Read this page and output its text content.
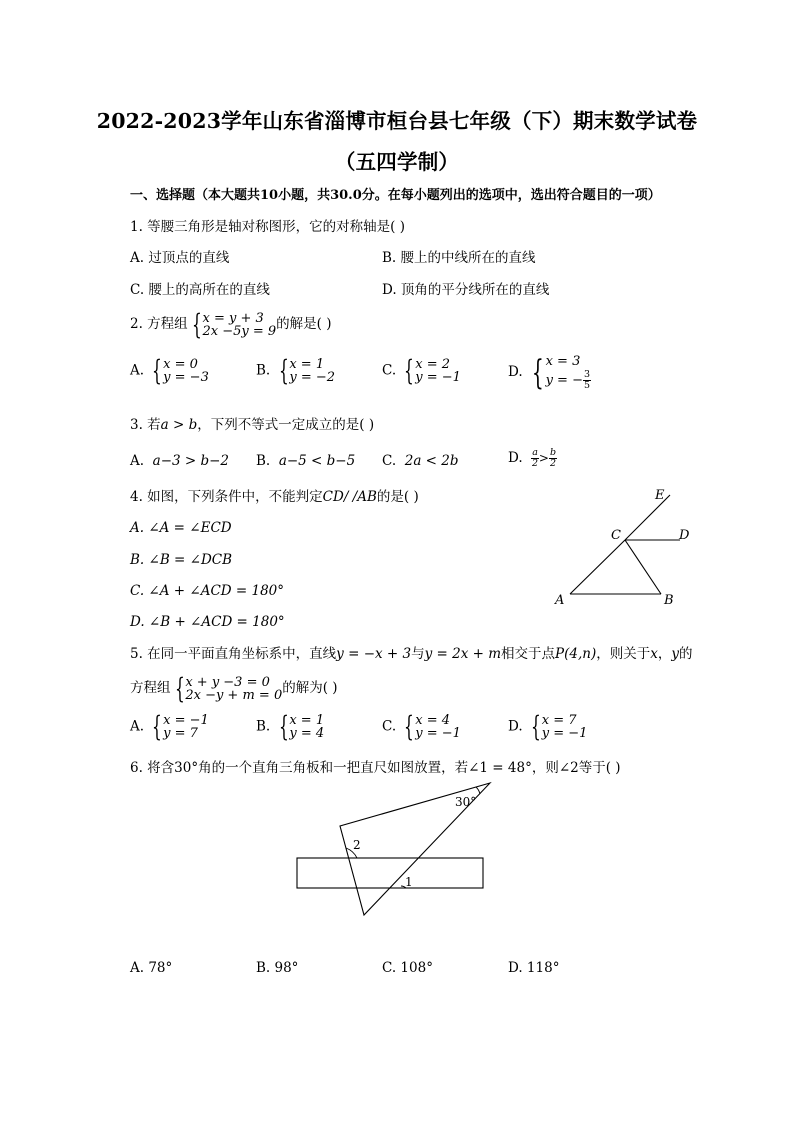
2022-2023学年山东省淄博市桓台县七年级（下）期末数学试卷
（五四学制）
一、选择题（本大题共10小题，共30.0分。在每小题列出的选项中，选出符合题目的一项）
1. 等腰三角形是轴对称图形，它的对称轴是( )
A. 过顶点的直线	B. 腰上的中线所在的直线
C. 腰上的高所在的直线	D. 顶角的平分线所在的直线
2. 方程组 { x = y + 3
2x −5y = 9 的解是( )
A. { x = 0
y = −3	B. { x = 1
y = −2	C. { x = 2
y = −1	D. { x = 3
y = − $\frac{3}{5}$
3. 若a > b，下列不等式一定成立的是( )
A. a−3 > b−2 B. a−5 < b−5 C. 2a < 2b	D. $\frac{a}{2} > \frac{b}{2}$
4. 如图，下列条件中，不能判定CD/ /AB的是( )
A. ∠A = ∠ECD
B. ∠B = ∠DCB
C. ∠A + ∠ACD = 180°
D. ∠B + ∠ACD = 180°
E
C	D
A	B
5. 在同一平面直角坐标系中，直线y = −x + 3与y = 2x + m相交于点P(4,n)，则关于x，y的
方程组 { x + y −3 = 0
2x −y + m = 0 的解为( )
A. { x = −1
y = 7	B. { x = 1
y = 4	C. { x = 4
y = −1	D. { x = 7
y = −1
6. 将含30°角的一个直角三角板和一把直尺如图放置，若∠1 = 48°，则∠2等于( )
30°
2
1
A. 78°	B. 98°	C. 108°	D. 118°
